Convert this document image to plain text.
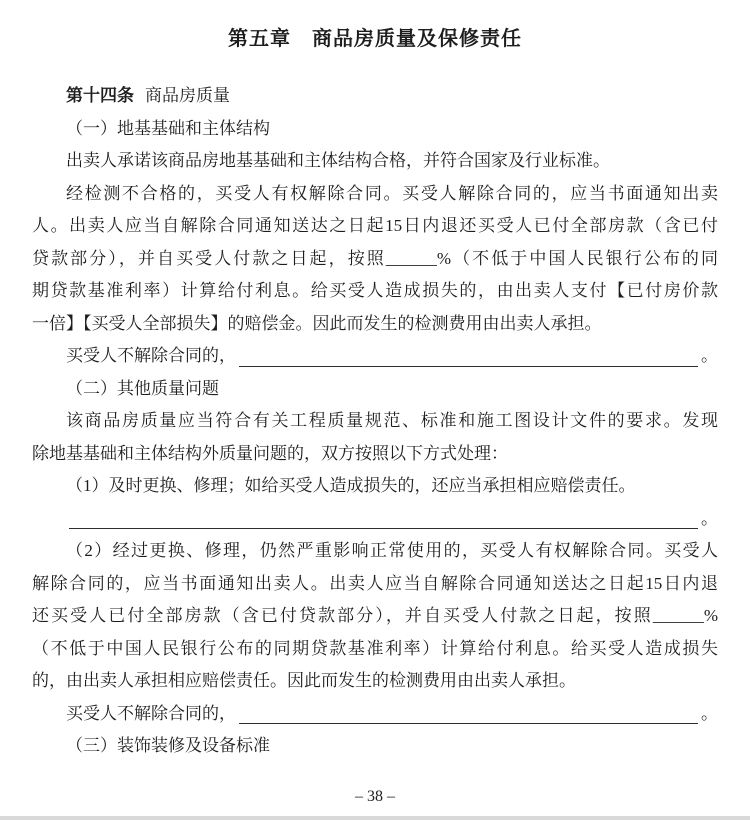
第五章　商品房质量及保修责任
第十四条 商品房质量
（一）地基基础和主体结构
出卖人承诺该商品房地基基础和主体结构合格，并符合国家及行业标准。
经检测不合格的，买受人有权解除合同。买受人解除合同的，应当书面通知出卖
人。出卖人应当自解除合同通知送达之日起15日内退还买受人已付全部房款（含已付
贷款部分），并自买受人付款之日起，按照______%（不低于中国人民银行公布的同
期贷款基准利率）计算给付利息。给买受人造成损失的，由出卖人支付【已付房价款
一倍】【买受人全部损失】的赔偿金。因此而发生的检测费用由出卖人承担。
买受人不解除合同的，	。
（二）其他质量问题
该商品房质量应当符合有关工程质量规范、标准和施工图设计文件的要求。发现
除地基基础和主体结构外质量问题的，双方按照以下方式处理：
（1）及时更换、修理；如给买受人造成损失的，还应当承担相应赔偿责任。
。
（2）经过更换、修理，仍然严重影响正常使用的，买受人有权解除合同。买受人
解除合同的，应当书面通知出卖人。出卖人应当自解除合同通知送达之日起15日内退
还买受人已付全部房款（含已付贷款部分），并自买受人付款之日起，按照______%
（不低于中国人民银行公布的同期贷款基准利率）计算给付利息。给买受人造成损失
的，由出卖人承担相应赔偿责任。因此而发生的检测费用由出卖人承担。
买受人不解除合同的，	。
（三）装饰装修及设备标准
– 38 –
